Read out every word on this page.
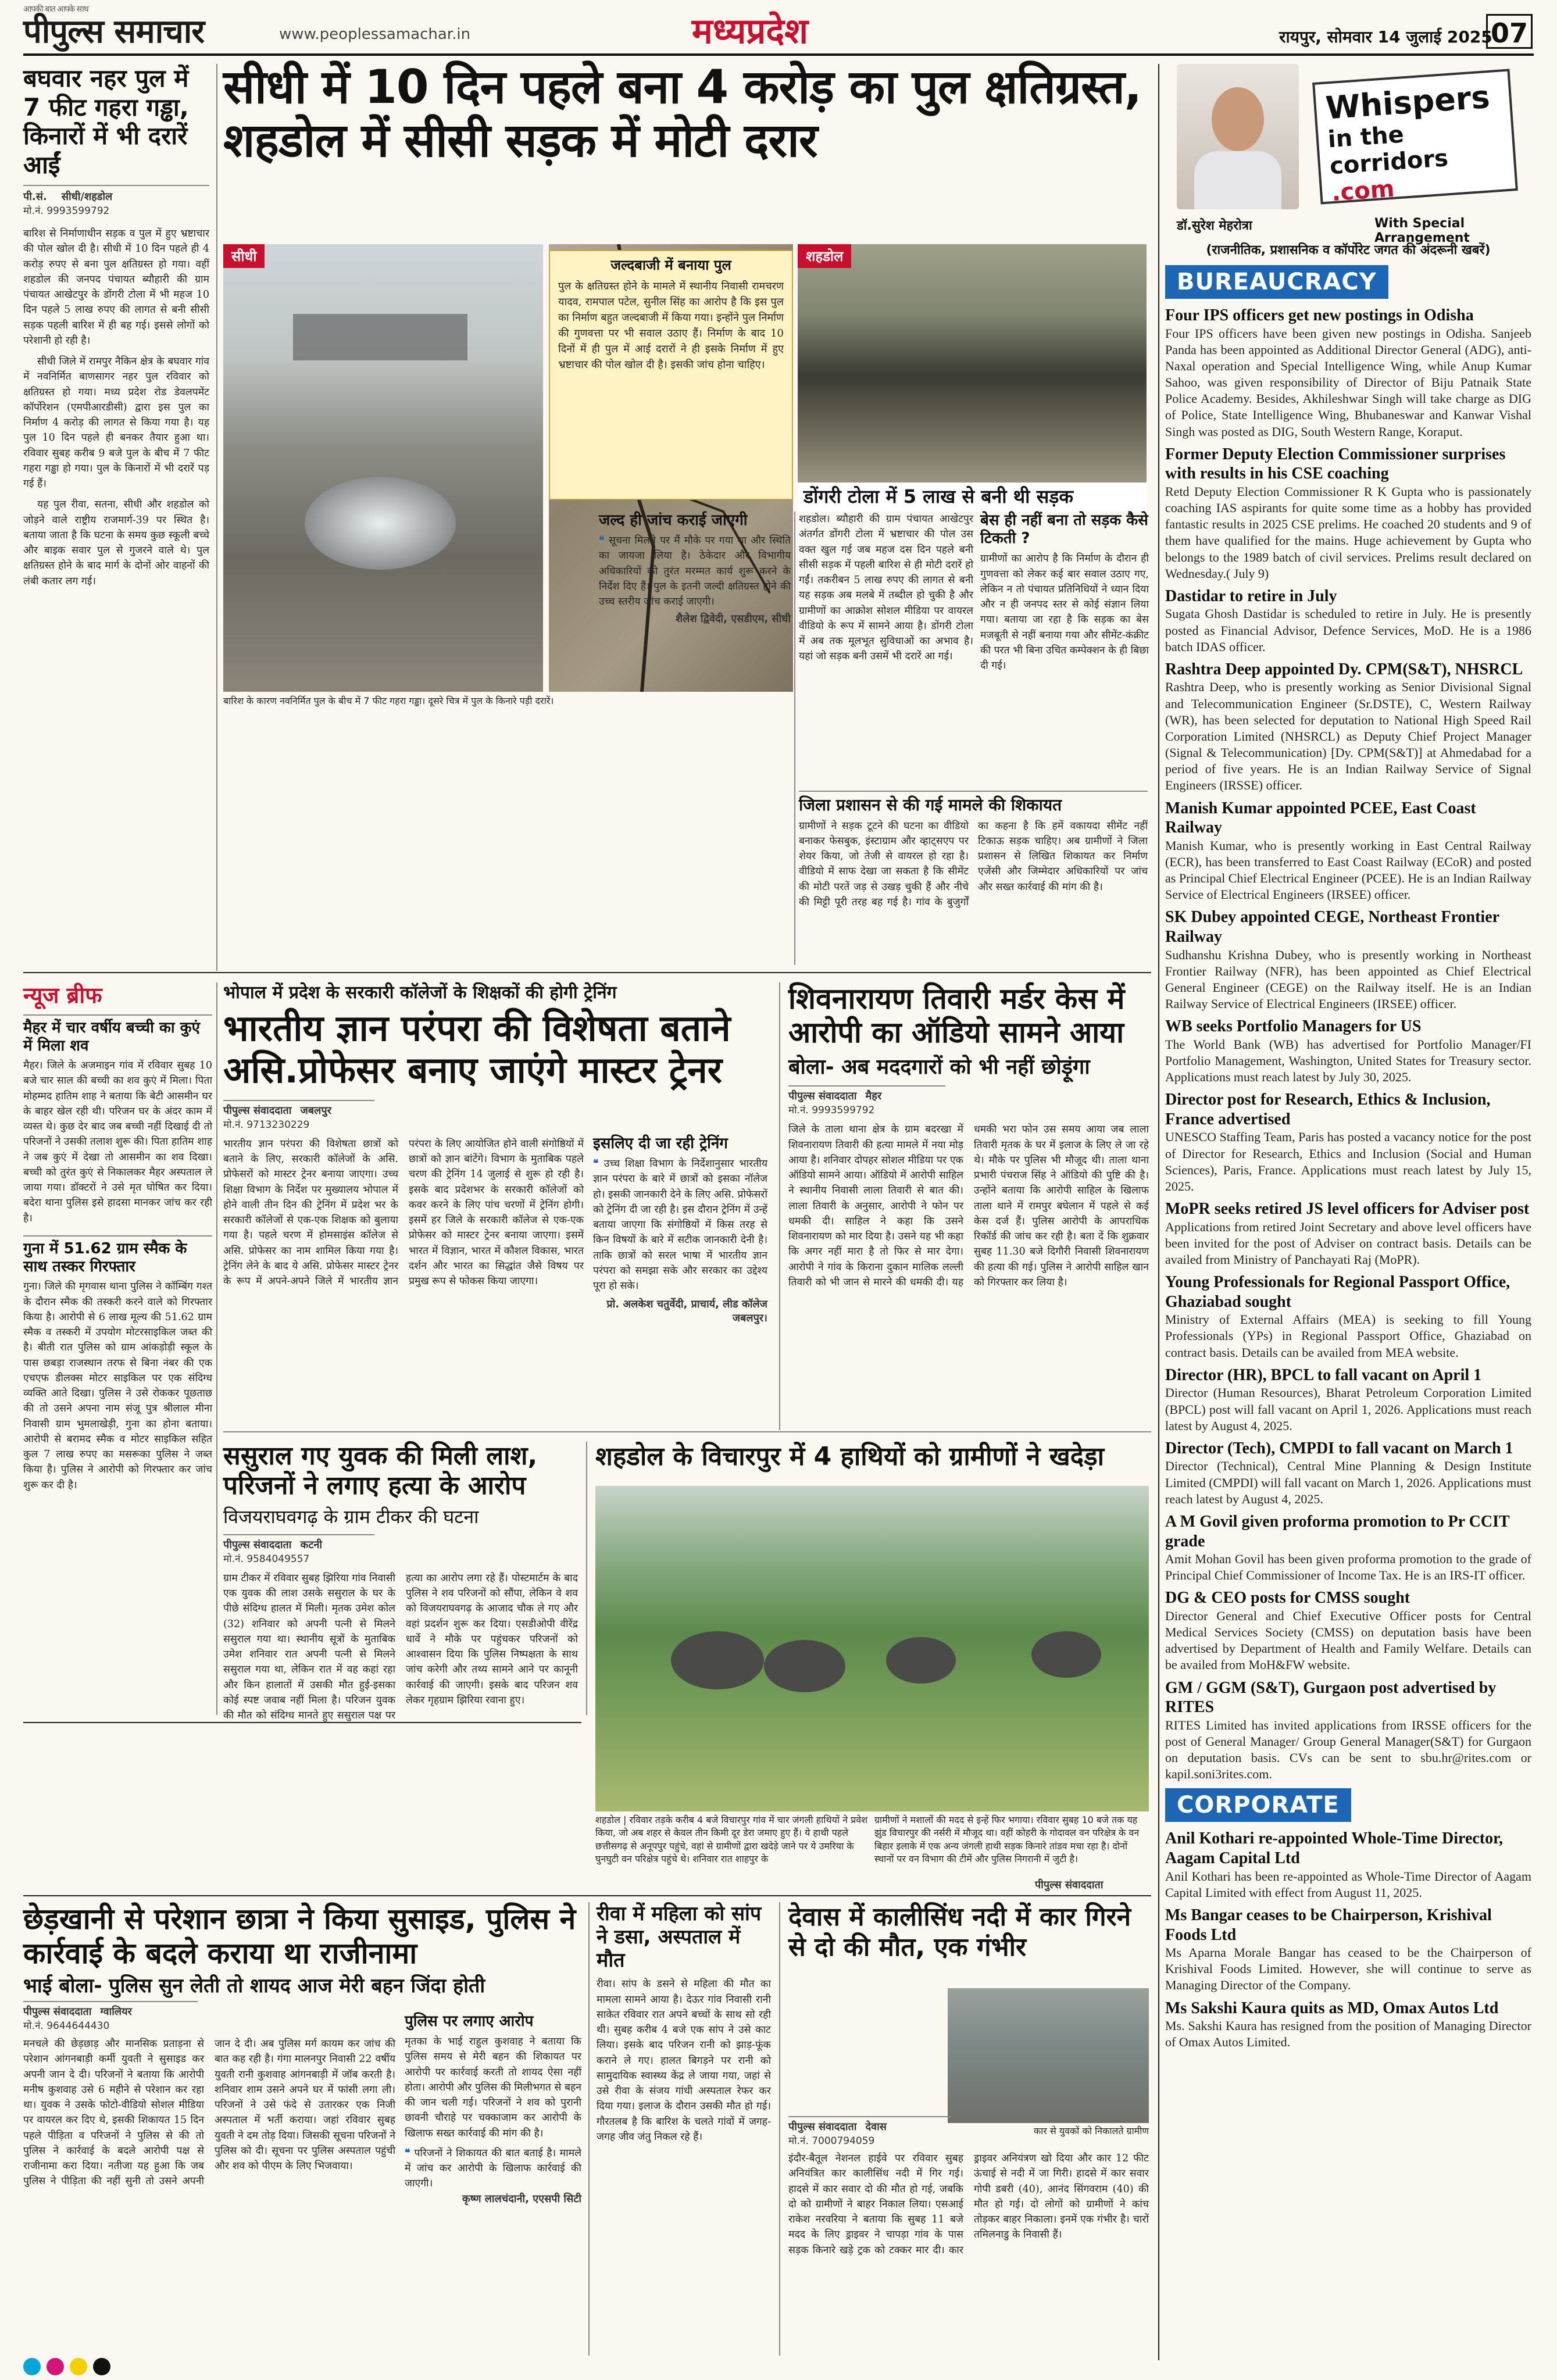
आपकी बात आपके साथ
पीपुल्स समाचार	www.peoplessamachar.in	मध्यप्रदेश	रायपुर, सोमवार 14 जुलाई 2025
07
बघवार नहर पुल में 7 फीट गहरा गड्ढा, किनारों में भी दरारें आईं
पी.सं. सीधी/शहडोल
मो.नं. 9993599792
बारिश से निर्माणाधीन सड़क व पुल में हुए भ्रष्टाचार की पोल खोल दी है। सीधी में 10 दिन पहले ही 4 करोड़ रुपए से बना पुल क्षतिग्रस्त हो गया। वहीं शहडोल की जनपद पंचायत ब्यौहारी की ग्राम पंचायत आखेटपुर के डोंगरी टोला में भी महज 10 दिन पहले 5 लाख रुपए की लागत से बनी सीसी सड़क पहली बारिश में ही बह गई। इससे लोगों को परेशानी हो रही है।
सीधी जिले में रामपुर नैकिन क्षेत्र के बघवार गांव में नवनिर्मित बाणसागर नहर पुल रविवार को क्षतिग्रस्त हो गया। मध्य प्रदेश रोड डेवलपमेंट कॉर्पोरेशन (एमपीआरडीसी) द्वारा इस पुल का निर्माण 4 करोड़ की लागत से किया गया है। यह पुल 10 दिन पहले ही बनकर तैयार हुआ था। रविवार सुबह करीब 9 बजे पुल के बीच में 7 फीट गहरा गड्ढा हो गया। पुल के किनारों में भी दरारें पड़ गई हैं।
यह पुल रीवा, सतना, सीधी और शहडोल को जोड़ने वाले राष्ट्रीय राजमार्ग-39 पर स्थित है। बताया जाता है कि घटना के समय कुछ स्कूली बच्चे और बाइक सवार पुल से गुजरने वाले थे। पुल क्षतिग्रस्त होने के बाद मार्ग के दोनों ओर वाहनों की लंबी कतार लग गई।
सीधी में 10 दिन पहले बना 4 करोड़ का पुल क्षतिग्रस्त, शहडोल में सीसी सड़क में मोटी दरार
सीधी
बारिश के कारण नवनिर्मित पुल के बीच में 7 फीट गहरा गड्ढा। दूसरे चित्र में पुल के किनारे पड़ी दरारें।
जल्दबाजी में बनाया पुल
पुल के क्षतिग्रस्त होने के मामले में स्थानीय निवासी रामचरण यादव, रामपाल पटेल, सुनील सिंह का आरोप है कि इस पुल का निर्माण बहुत जल्दबाजी में किया गया। इन्होंने पुल निर्माण की गुणवत्ता पर भी सवाल उठाए हैं। निर्माण के बाद 10 दिनों में ही पुल में आई दरारों ने ही इसके निर्माण में हुए भ्रष्टाचार की पोल खोल दी है। इसकी जांच होना चाहिए।
शहडोल
डोंगरी टोला में 5 लाख से बनी थी सड़क
जल्द ही जांच कराई जाएगी
❝ सूचना मिलने पर मैं मौके पर गया था और स्थिति का जायजा लिया है। ठेकेदार और विभागीय अधिकारियों को तुरंत मरम्मत कार्य शुरू करने के निर्देश दिए हैं। पुल के इतनी जल्दी क्षतिग्रस्त होने की उच्च स्तरीय जांच कराई जाएगी।
शैलेश द्विवेदी, एसडीएम, सीधी
शहडोल। ब्यौहारी की ग्राम पंचायत आखेटपुर अंतर्गत डोंगरी टोला में भ्रष्टाचार की पोल उस वक्त खुल गई जब महज दस दिन पहले बनी सीसी सड़क में पहली बारिश से ही मोटी दरारें हो गईं। तकरीबन 5 लाख रुपए की लागत से बनी यह सड़क अब मलबे में तब्दील हो चुकी है और ग्रामीणों का आक्रोश सोशल मीडिया पर वायरल वीडियो के रूप में सामने आया है। डोंगरी टोला में अब तक मूलभूत सुविधाओं का अभाव है। यहां जो सड़क बनी उसमें भी दरारें आ गई।
बेस ही नहीं बना तो सड़क कैसे टिकती ?
ग्रामीणों का आरोप है कि निर्माण के दौरान ही गुणवत्ता को लेकर कई बार सवाल उठाए गए, लेकिन न तो पंचायत प्रतिनिधियों ने ध्यान दिया और न ही जनपद स्तर से कोई संज्ञान लिया गया। बताया जा रहा है कि सड़क का बेस मजबूती से नहीं बनाया गया और सीमेंट-कंक्रीट की परत भी बिना उचित कम्पेक्शन के ही बिछा दी गई।
जिला प्रशासन से की गई मामले की शिकायत
ग्रामीणों ने सड़क टूटने की घटना का वीडियो बनाकर फेसबुक, इंस्टाग्राम और व्हाट्सएप पर शेयर किया, जो तेजी से वायरल हो रहा है। वीडियो में साफ देखा जा सकता है कि सीमेंट की मोटी परतें जड़ से उखड़ चुकी हैं और नीचे की मिट्टी पूरी तरह बह गई है। गांव के बुजुर्गों का कहना है कि हमें वकायदा सीमेंट नहीं टिकाऊ सड़क चाहिए। अब ग्रामीणों ने जिला प्रशासन से लिखित शिकायत कर निर्माण एजेंसी और जिम्मेदार अधिकारियों पर जांच और सख्त कार्रवाई की मांग की है।
न्यूज ब्रीफ
मैहर में चार वर्षीय बच्ची का कुएं में मिला शव
मैहर। जिले के अजमाइन गांव में रविवार सुबह 10 बजे चार साल की बच्ची का शव कुएं में मिला। पिता मोहम्मद हातिम शाह ने बताया कि बेटी आसमीन घर के बाहर खेल रही थी। परिजन घर के अंदर काम में व्यस्त थे। कुछ देर बाद जब बच्ची नहीं दिखाई दी तो परिजनों ने उसकी तलाश शुरू की। पिता हातिम शाह ने जब कुएं में देखा तो आसमीन का शव दिखा। बच्ची को तुरंत कुएं से निकालकर मैहर अस्पताल ले जाया गया। डॉक्टरों ने उसे मृत घोषित कर दिया। बदेरा थाना पुलिस इसे हादसा मानकर जांच कर रही है।
गुना में 51.62 ग्राम स्मैक के साथ तस्कर गिरफ्तार
गुना। जिले की मृगवास थाना पुलिस ने कॉम्बिंग गश्त के दौरान स्मैक की तस्करी करने वाले को गिरफ्तार किया है। आरोपी से 6 लाख मूल्य की 51.62 ग्राम स्मैक व तस्करी में उपयोग मोटरसाइकिल जब्त की है। बीती रात पुलिस को ग्राम आंकड़ोड़ी स्कूल के पास छबड़ा राजस्थान तरफ से बिना नंबर की एक एचएफ डीलक्स मोटर साइकिल पर एक संदिग्ध व्यक्ति आते दिखा। पुलिस ने उसे रोककर पूछताछ की तो उसने अपना नाम संजू पुत्र श्रीलाल मीना निवासी ग्राम भुमलाखेड़ी, गुना का होना बताया। आरोपी से बरामद स्मैक व मोटर साइकिल सहित कुल 7 लाख रुपए का मसरूका पुलिस ने जब्त किया है। पुलिस ने आरोपी को गिरफ्तार कर जांच शुरू कर दी है।
भोपाल में प्रदेश के सरकारी कॉलेजों के शिक्षकों की होगी ट्रेनिंग
भारतीय ज्ञान परंपरा की विशेषता बताने असि.प्रोफेसर बनाए जाएंगे मास्टर ट्रेनर
पीपुल्स संवाददाता जबलपुर
मो.नं. 9713230229
भारतीय ज्ञान परंपरा की विशेषता छात्रों को बताने के लिए, सरकारी कॉलेजों के असि. प्रोफेसरों को मास्टर ट्रेनर बनाया जाएगा। उच्च शिक्षा विभाग के निर्देश पर मुख्यालय भोपाल में होने वाली तीन दिन की ट्रेनिंग में प्रदेश भर के सरकारी कॉलेजों से एक-एक शिक्षक को बुलाया गया है। पहले चरण में होमसाइंस कॉलेज से असि. प्रोफेसर का नाम शामिल किया गया है। ट्रेनिंग लेने के बाद ये असि. प्रोफेसर मास्टर ट्रेनर के रूप में अपने-अपने जिले में भारतीय ज्ञान परंपरा के लिए आयोजित होने वाली संगोष्ठियों में छात्रों को ज्ञान बांटेंगे। विभाग के मुताबिक पहले चरण की ट्रेनिंग 14 जुलाई से शुरू हो रही है। इसके बाद प्रदेशभर के सरकारी कॉलेजों को कवर करने के लिए पांच चरणों में ट्रेनिंग होगी। इसमें हर जिले के सरकारी कॉलेज से एक-एक प्रोफेसर को मास्टर ट्रेनर बनाया जाएगा। इसमें भारत में विज्ञान, भारत में कौशल विकास, भारत दर्शन और भारत का सिद्धांत जैसे विषय पर प्रमुख रूप से फोकस किया जाएगा।
इसलिए दी जा रही ट्रेनिंग
❝ उच्च शिक्षा विभाग के निर्देशानुसार भारतीय ज्ञान परंपरा के बारे में छात्रों को इसका नॉलेज हो। इसकी जानकारी देने के लिए असि. प्रोफेसरों को ट्रेनिंग दी जा रही है। इस दौरान ट्रेनिंग में उन्हें बताया जाएगा कि संगोष्ठियों में किस तरह से किन विषयों के बारे में सटीक जानकारी देनी है। ताकि छात्रों को सरल भाषा में भारतीय ज्ञान परंपरा को समझा सके और सरकार का उद्देश्य पूरा हो सके।
प्रो. अलकेश चतुर्वेदी, प्राचार्य, लीड कॉलेज जबलपुर।
शिवनारायण तिवारी मर्डर केस में आरोपी का ऑडियो सामने आया
बोला- अब मददगारों को भी नहीं छोड़ूंगा
पीपुल्स संवाददाता मैहर
मो.नं. 9993599792
जिले के ताला थाना क्षेत्र के ग्राम बदरखा में शिवनारायण तिवारी की हत्या मामले में नया मोड़ आया है। शनिवार दोपहर सोशल मीडिया पर एक ऑडियो सामने आया। ऑडियो में आरोपी साहिल ने स्थानीय निवासी लाला तिवारी से बात की। लाला तिवारी के अनुसार, आरोपी ने फोन पर धमकी दी। साहिल ने कहा कि उसने शिवनारायण को मार दिया है। उसने यह भी कहा कि अगर नहीं मारा है तो फिर से मार देगा। आरोपी ने गांव के किराना दुकान मालिक लल्ली तिवारी को भी जान से मारने की धमकी दी। यह धमकी भरा फोन उस समय आया जब लाला तिवारी मृतक के घर में इलाज के लिए ले जा रहे थे। मौके पर पुलिस भी मौजूद थी। ताला थाना प्रभारी पंचराज सिंह ने ऑडियो की पुष्टि की है। उन्होंने बताया कि आरोपी साहिल के खिलाफ ताला थाने में रामपुर बघेलान में पहले से कई केस दर्ज हैं। पुलिस आरोपी के आपराधिक रिकॉर्ड की जांच कर रही है। बता दें कि शुक्रवार सुबह 11.30 बजे दिगौरी निवासी शिवनारायण की हत्या की गई। पुलिस ने आरोपी साहिल खान को गिरफ्तार कर लिया है।
ससुराल गए युवक की मिली लाश, परिजनों ने लगाए हत्या के आरोप
विजयराघवगढ़ के ग्राम टीकर की घटना
पीपुल्स संवाददाता कटनी
मो.नं. 9584049557
ग्राम टीकर में रविवार सुबह झिरिया गांव निवासी एक युवक की लाश उसके ससुराल के घर के पीछे संदिग्ध हालत में मिली। मृतक उमेश कोल (32) शनिवार को अपनी पत्नी से मिलने ससुराल गया था। स्थानीय सूत्रों के मुताबिक उमेश शनिवार रात अपनी पत्नी से मिलने ससुराल गया था, लेकिन रात में वह कहां रहा और किन हालातों में उसकी मौत हुई-इसका कोई स्पष्ट जवाब नहीं मिला है। परिजन युवक की मौत को संदिग्ध मानते हुए ससुराल पक्ष पर हत्या का आरोप लगा रहे हैं। पोस्टमार्टम के बाद पुलिस ने शव परिजनों को सौंपा, लेकिन वे शव को विजयराघवगढ़ के आजाद चौक ले गए और वहां प्रदर्शन शुरू कर दिया। एसडीओपी वीरेंद्र धार्वे ने मौके पर पहुंचकर परिजनों को आश्वासन दिया कि पुलिस निष्पक्षता के साथ जांच करेगी और तथ्य सामने आने पर कानूनी कार्रवाई की जाएगी। इसके बाद परिजन शव लेकर गृहग्राम झिरिया रवाना हुए।
शहडोल के विचारपुर में 4 हाथियों को ग्रामीणों ने खदेड़ा
शहडोल | रविवार तड़के करीब 4 बजे विचारपुर गांव में चार जंगली हाथियों ने प्रवेश किया, जो अब शहर से केवल तीन किमी दूर डेरा जमाए हुए हैं। ये हाथी पहले छत्तीसगढ़ से अनूपपुर पहुंचे, वहां से ग्रामीणों द्वारा खदेड़े जाने पर ये उमरिया के घुनघुटी वन परिक्षेत्र पहुंचे थे। शनिवार रात शाहपुर के
ग्रामीणों ने मशालों की मदद से इन्हें फिर भगाया। रविवार सुबह 10 बजे तक यह झुंड विचारपुर की नर्सरी में मौजूद था। वहीं कोहरी के गोदावल वन परिक्षेत्र के वन बिहार इलाके में एक अन्य जंगली हाथी सड़क किनारे तांडव मचा रहा है। दोनों स्थानों पर वन विभाग की टीमें और पुलिस निगरानी में जुटी है।
पीपुल्स संवाददाता
छेड़खानी से परेशान छात्रा ने किया सुसाइड, पुलिस ने कार्रवाई के बदले कराया था राजीनामा
भाई बोला- पुलिस सुन लेती तो शायद आज मेरी बहन जिंदा होती
पीपुल्स संवाददाता ग्वालियर
मो.नं. 9644644430
मनचले की छेड़छाड़ और मानसिक प्रताड़ना से परेशान आंगनबाड़ी कर्मी युवती ने सुसाइड कर अपनी जान दे दी। परिजनों ने बताया कि आरोपी मनीष कुशवाह उसे 6 महीने से परेशान कर रहा था। युवक ने उसके फोटो-वीडियो सोशल मीडिया पर वायरल कर दिए थे, इसकी शिकायत 15 दिन पहले पीड़िता व परिजनों ने पुलिस से की तो पुलिस ने कार्रवाई के बदले आरोपी पक्ष से राजीनामा करा दिया। नतीजा यह हुआ कि जब पुलिस ने पीड़िता की नहीं सुनी तो उसने अपनी जान दे दी। अब पुलिस मर्ग कायम कर जांच की बात कह रही है। गंगा मालनपुर निवासी 22 वर्षीय युवती रानी कुशवाह आंगनबाड़ी में जॉब करती है। शनिवार शाम उसने अपने घर में फांसी लगा ली। परिजनों ने उसे फंदे से उतारकर एक निजी अस्पताल में भर्ती कराया। जहां रविवार सुबह युवती ने दम तोड़ दिया। जिसकी सूचना परिजनों ने पुलिस को दी। सूचना पर पुलिस अस्पताल पहुंची और शव को पीएम के लिए भिजवाया।
पुलिस पर लगाए आरोप
मृतका के भाई राहुल कुशवाह ने बताया कि पुलिस समय से मेरी बहन की शिकायत पर आरोपी पर कार्रवाई करती तो शायद ऐसा नहीं होता। आरोपी और पुलिस की मिलीभगत से बहन की जान चली गई। परिजनों ने शव को पुरानी छावनी चौराहे पर चक्काजाम कर आरोपी के खिलाफ सख्त कार्रवाई की मांग की है।
❝ परिजनों ने शिकायत की बात बताई है। मामले में जांच कर आरोपी के खिलाफ कार्रवाई की जाएगी।
कृष्ण लालचंदानी, एएसपी सिटी
रीवा में महिला को सांप ने डसा, अस्पताल में मौत
रीवा। सांप के डसने से महिला की मौत का मामला सामने आया है। देऊर गांव निवासी रानी साकेत रविवार रात अपने बच्चों के साथ सो रही थी। सुबह करीब 4 बजे एक सांप ने उसे काट लिया। इसके बाद परिजन रानी को झाड़-फूंक कराने ले गए। हालत बिगड़ने पर रानी को सामुदायिक स्वास्थ्य केंद्र ले जाया गया, जहां से उसे रीवा के संजय गांधी अस्पताल रेफर कर दिया गया। इलाज के दौरान उसकी मौत हो गई। गौरतलब है कि बारिश के चलते गांवों में जगह-जगह जीव जंतु निकल रहे हैं।
देवास में कालीसिंध नदी में कार गिरने से दो की मौत, एक गंभीर
कार से युवकों को निकालते ग्रामीण
पीपुल्स संवाददाता देवास
मो.नं. 7000794059
इंदौर-बैतूल नेशनल हाईवे पर रविवार सुबह अनियंत्रित कार कालीसिंध नदी में गिर गई। हादसे में कार सवार दो की मौत हो गई, जबकि दो को ग्रामीणों ने बाहर निकाल लिया। एसआई राकेश नरवरिया ने बताया कि सुबह 11 बजे मदद के लिए ड्राइवर ने चापड़ा गांव के पास सड़क किनारे खड़े ट्रक को टक्कर मार दी। कार ड्राइवर अनियंत्रण खो दिया और कार 12 फीट ऊंचाई से नदी में जा गिरी। हादसे में कार सवार गोपी डबरी (40), आनंद सिंगवराम (40) की मौत हो गई। दो लोगों को ग्रामीणों ने कांच तोड़कर बाहर निकाला। इनमें एक गंभीर है। चारों तमिलनाडु के निवासी हैं।
Whispers
in the corridors
.com
डॉ.सुरेश मेहरोत्रा	With Special Arrangement
(राजनीतिक, प्रशासनिक व कॉर्पोरेट जगत की अंदरूनी खबरें)
BUREAUCRACY
Four IPS officers get new postings in Odisha
Four IPS officers have been given new postings in Odisha. Sanjeeb Panda has been appointed as Additional Director General (ADG), anti-Naxal operation and Special Intelligence Wing, while Anup Kumar Sahoo, was given responsibility of Director of Biju Patnaik State Police Academy. Besides, Akhileshwar Singh will take charge as DIG of Police, State Intelligence Wing, Bhubaneswar and Kanwar Vishal Singh was posted as DIG, South Western Range, Koraput.
Former Deputy Election Commissioner surprises with results in his CSE coaching
Retd Deputy Election Commissioner R K Gupta who is passionately coaching IAS aspirants for quite some time as a hobby has provided fantastic results in 2025 CSE prelims. He coached 20 students and 9 of them have qualified for the mains. Huge achievement by Gupta who belongs to the 1989 batch of civil services. Prelims result declared on Wednesday.( July 9)
Dastidar to retire in July
Sugata Ghosh Dastidar is scheduled to retire in July. He is presently posted as Financial Advisor, Defence Services, MoD. He is a 1986 batch IDAS officer.
Rashtra Deep appointed Dy. CPM(S&T), NHSRCL
Rashtra Deep, who is presently working as Senior Divisional Signal and Telecommunication Engineer (Sr.DSTE), C, Western Railway (WR), has been selected for deputation to National High Speed Rail Corporation Limited (NHSRCL) as Deputy Chief Project Manager (Signal & Telecommunication) [Dy. CPM(S&T)] at Ahmedabad for a period of five years. He is an Indian Railway Service of Signal Engineers (IRSSE) officer.
Manish Kumar appointed PCEE, East Coast Railway
Manish Kumar, who is presently working in East Central Railway (ECR), has been transferred to East Coast Railway (ECoR) and posted as Principal Chief Electrical Engineer (PCEE). He is an Indian Railway Service of Electrical Engineers (IRSEE) officer.
SK Dubey appointed CEGE, Northeast Frontier Railway
Sudhanshu Krishna Dubey, who is presently working in Northeast Frontier Railway (NFR), has been appointed as Chief Electrical General Engineer (CEGE) on the Railway itself. He is an Indian Railway Service of Electrical Engineers (IRSEE) officer.
WB seeks Portfolio Managers for US
The World Bank (WB) has advertised for Portfolio Manager/FI Portfolio Management, Washington, United States for Treasury sector. Applications must reach latest by July 30, 2025.
Director post for Research, Ethics & Inclusion, France advertised
UNESCO Staffing Team, Paris has posted a vacancy notice for the post of Director for Research, Ethics and Inclusion (Social and Human Sciences), Paris, France. Applications must reach latest by July 15, 2025.
MoPR seeks retired JS level officers for Adviser post
Applications from retired Joint Secretary and above level officers have been invited for the post of Adviser on contract basis. Details can be availed from Ministry of Panchayati Raj (MoPR).
Young Professionals for Regional Passport Office, Ghaziabad sought
Ministry of External Affairs (MEA) is seeking to fill Young Professionals (YPs) in Regional Passport Office, Ghaziabad on contract basis. Details can be availed from MEA website.
Director (HR), BPCL to fall vacant on April 1
Director (Human Resources), Bharat Petroleum Corporation Limited (BPCL) post will fall vacant on April 1, 2026. Applications must reach latest by August 4, 2025.
Director (Tech), CMPDI to fall vacant on March 1
Director (Technical), Central Mine Planning & Design Institute Limited (CMPDI) will fall vacant on March 1, 2026. Applications must reach latest by August 4, 2025.
A M Govil given proforma promotion to Pr CCIT grade
Amit Mohan Govil has been given proforma promotion to the grade of Principal Chief Commissioner of Income Tax. He is an IRS-IT officer.
DG & CEO posts for CMSS sought
Director General and Chief Executive Officer posts for Central Medical Services Society (CMSS) on deputation basis have been advertised by Department of Health and Family Welfare. Details can be availed from MoH&FW website.
GM / GGM (S&T), Gurgaon post advertised by RITES
RITES Limited has invited applications from IRSSE officers for the post of General Manager/ Group General Manager(S&T) for Gurgaon on deputation basis. CVs can be sent to sbu.hr@rites.com or kapil.soni3rites.com.
CORPORATE
Anil Kothari re-appointed Whole-Time Director, Aagam Capital Ltd
Anil Kothari has been re-appointed as Whole-Time Director of Aagam Capital Limited with effect from August 11, 2025.
Ms Bangar ceases to be Chairperson, Krishival Foods Ltd
Ms Aparna Morale Bangar has ceased to be the Chairperson of Krishival Foods Limited. However, she will continue to serve as Managing Director of the Company.
Ms Sakshi Kaura quits as MD, Omax Autos Ltd
Ms. Sakshi Kaura has resigned from the position of Managing Director of Omax Autos Limited.
